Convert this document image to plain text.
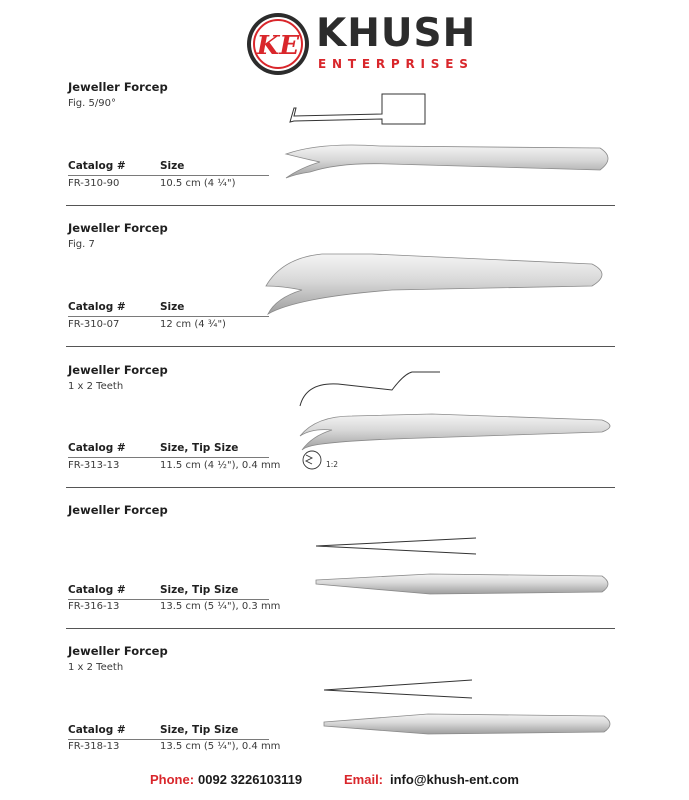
KE KHUSH
ENTERPRISES
Jeweller Forcep
Fig. 5/90°
Catalog #	Size
FR-310-90	10.5 cm (4 ¼")
Jeweller Forcep
Fig. 7
Catalog #	Size
FR-310-07	12 cm (4 ¾")
Jeweller Forcep
1 x 2 Teeth
Catalog #	Size, Tip Size
FR-313-13	11.5 cm (4 ½"), 0.4 mm	1:2
Jeweller Forcep
Catalog #	Size, Tip Size
FR-316-13	13.5 cm (5 ¼"), 0.3 mm
Jeweller Forcep
1 x 2 Teeth
Catalog #	Size, Tip Size
FR-318-13	13.5 cm (5 ¼"), 0.4 mm
Phone: 0092 3226103119	Email: info@khush-ent.com
